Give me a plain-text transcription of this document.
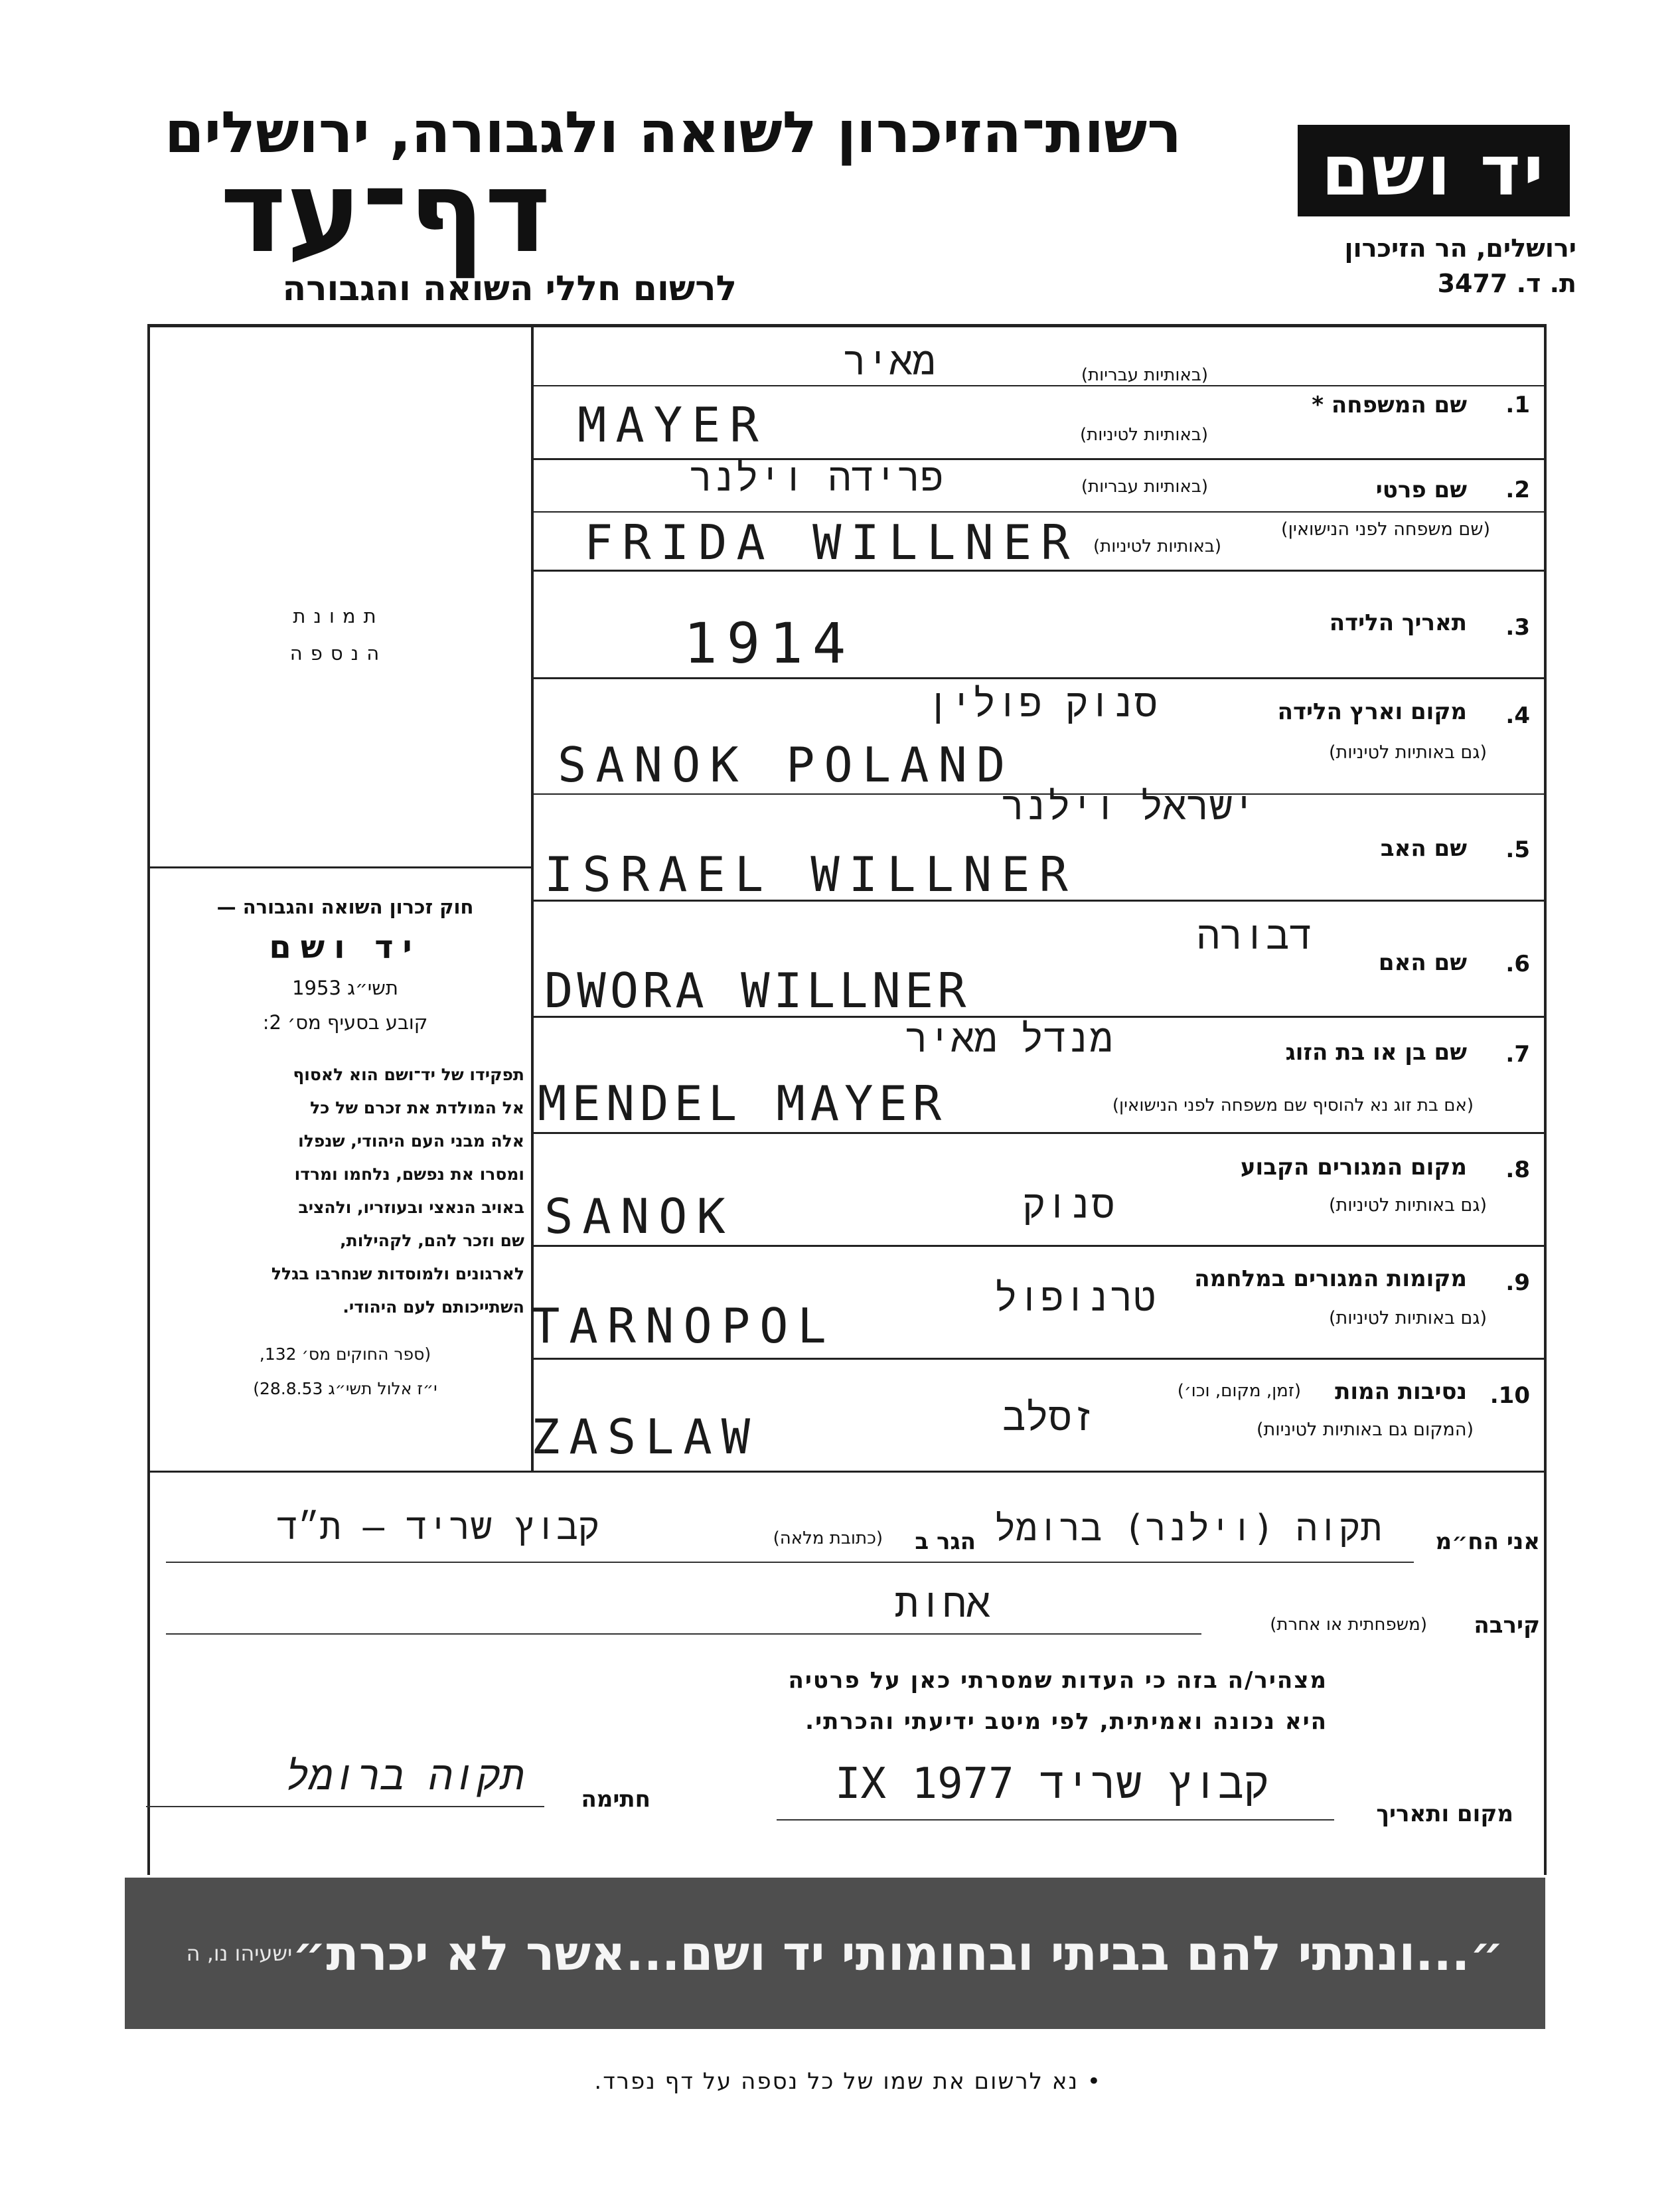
רשות־הזיכרון לשואה ולגבורה, ירושלים
דף־עד
לרשום חללי השואה והגבורה
יד ושם
ירושלים, הר הזיכרון
ת. ד. 3477
תמונת
הנספה
חוק זכרון השואה והגבורה —
יד ושם
תשי״ג 1953
קובע בסעיף מס׳ 2:
תפקידו של יד־ושם הוא לאסוף
אל המולדת את זכרם של כל
אלה מבני העם היהודי, שנפלו
ומסרו את נפשם, נלחמו ומרדו
באויב הנאצי ובעוזריו, ולהציב
שם וזכר להם, לקהילות,
לארגונים ולמוסדות שנחרבו בגלל
השתייכותם לעם היהודי.
(ספר החוקים מס׳ 132,
י״ז אלול תשי״ג 28.8.53)
1.
שם המשפחה *
(באותיות עבריות)
(באותיות לטיניות)
מאיר
MAYER
2.
שם פרטי
(שם משפחה לפני הנישואין)
(באותיות עבריות)
(באותיות לטיניות)
פרידה וילנר
FRIDA WILLNER
3.
תאריך הלידה
1914
4.
מקום וארץ הלידה
(גם באותיות לטיניות)
סנוק פולין
SANOK POLAND
5.
שם האב
ישראל וילנר
ISRAEL WILLNER
6.
שם האם
דבורה
DWORA WILLNER
7.
שם בן או בת הזוג
(אם בת זוג נא להוסיף שם משפחה לפני הנישואין)
מנדל מאיר
MENDEL MAYER
8.
מקום המגורים הקבוע
(גם באותיות לטיניות)
סנוק
SANOK
9.
מקומות המגורים במלחמה
(גם באותיות לטיניות)
טרנופול
TARNOPOL
10.
נסיבות המות
(זמן, מקום, וכו׳)
(המקום גם באותיות לטיניות)
זסלב
ZASLAW
אני הח״מ
תקוה (וילנר) ברומל
הגר ב
(כתובת מלאה)
קבוץ שריד — ת״ד
קירבה
(משפחתית או אחרת)
אחות
מצהיר/ה בזה כי העדות שמסרתי כאן על פרטיה
היא נכונה ואמיתית, לפי מיטב ידיעתי והכרתי.
חתימה
תקוה ברומל
מקום ותאריך
קבוץ שריד IX 1977
ישעיהו נו, ה ״...ונתתי להם בביתי ובחומותי יד ושם...אשר לא יכרת״
• נא לרשום את שמו של כל נספה על דף נפרד.
